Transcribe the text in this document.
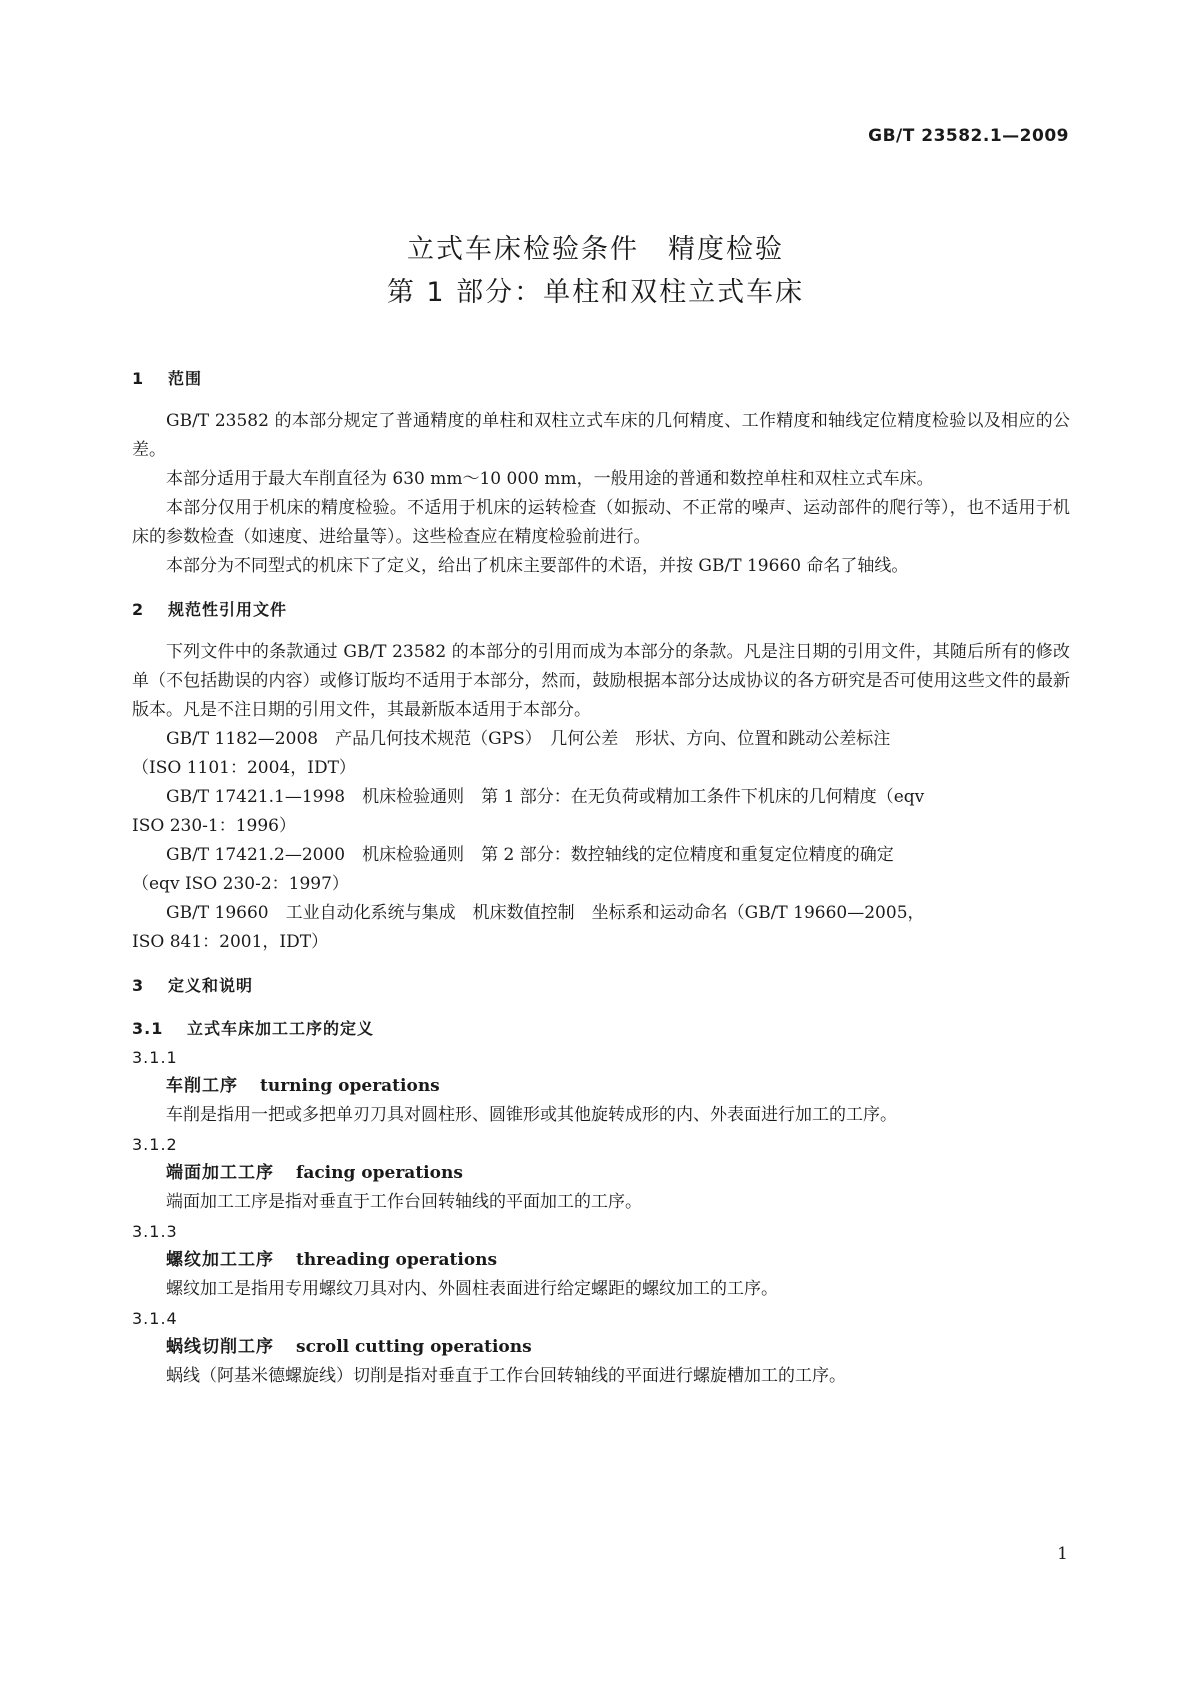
GB/T 23582.1—2009
立式车床检验条件　精度检验
第 1 部分：单柱和双柱立式车床
1 范围

GB/T 23582 的本部分规定了普通精度的单柱和双柱立式车床的几何精度、工作精度和轴线定位精度检验以及相应的公差。

本部分适用于最大车削直径为 630 mm～10 000 mm，一般用途的普通和数控单柱和双柱立式车床。

本部分仅用于机床的精度检验。不适用于机床的运转检查（如振动、不正常的噪声、运动部件的爬行等），也不适用于机床的参数检查（如速度、进给量等）。这些检查应在精度检验前进行。

本部分为不同型式的机床下了定义，给出了机床主要部件的术语，并按 GB/T 19660 命名了轴线。

2 规范性引用文件

下列文件中的条款通过 GB/T 23582 的本部分的引用而成为本部分的条款。凡是注日期的引用文件，其随后所有的修改单（不包括勘误的内容）或修订版均不适用于本部分，然而，鼓励根据本部分达成协议的各方研究是否可使用这些文件的最新版本。凡是不注日期的引用文件，其最新版本适用于本部分。

GB/T 1182—2008　产品几何技术规范（GPS）　几何公差　形状、方向、位置和跳动公差标注
（ISO 1101：2004，IDT）

GB/T 17421.1—1998　机床检验通则　第 1 部分：在无负荷或精加工条件下机床的几何精度（eqv
ISO 230-1：1996）

GB/T 17421.2—2000　机床检验通则　第 2 部分：数控轴线的定位精度和重复定位精度的确定
（eqv ISO 230-2：1997）

GB/T 19660　工业自动化系统与集成　机床数值控制　坐标系和运动命名（GB/T 19660—2005，
ISO 841：2001，IDT）

3 定义和说明
3.1 立式车床加工工序的定义

3.1.1

车削工序 turning operations

车削是指用一把或多把单刃刀具对圆柱形、圆锥形或其他旋转成形的内、外表面进行加工的工序。

3.1.2

端面加工工序 facing operations

端面加工工序是指对垂直于工作台回转轴线的平面加工的工序。

3.1.3

螺纹加工工序 threading operations

螺纹加工是指用专用螺纹刀具对内、外圆柱表面进行给定螺距的螺纹加工的工序。

3.1.4

蜗线切削工序 scroll cutting operations

蜗线（阿基米德螺旋线）切削是指对垂直于工作台回转轴线的平面进行螺旋槽加工的工序。

1
